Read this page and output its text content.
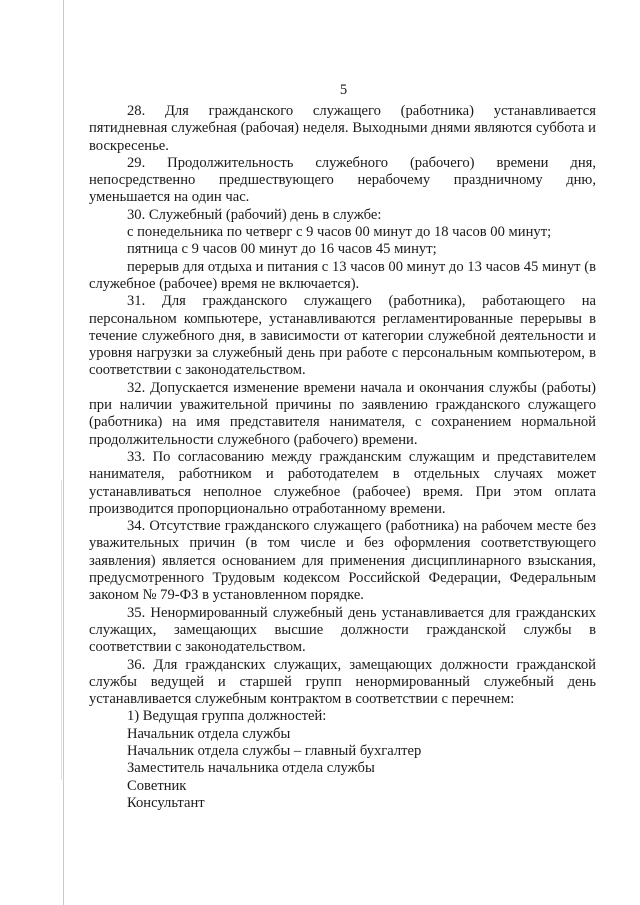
5

28. Для гражданского служащего (работника) устанавливается пятидневная служебная (рабочая) неделя. Выходными днями являются суббота и воскресенье.

29. Продолжительность служебного (рабочего) времени дня, непосредственно предшествующего нерабочему праздничному дню, уменьшается на один час.

30. Служебный (рабочий) день в службе:

с понедельника по четверг с 9 часов 00 минут до 18 часов 00 минут;

пятница с 9 часов 00 минут до 16 часов 45 минут;

перерыв для отдыха и питания с 13 часов 00 минут до 13 часов 45 минут (в служебное (рабочее) время не включается).

31. Для гражданского служащего (работника), работающего на персональном компьютере, устанавливаются регламентированные перерывы в течение служебного дня, в зависимости от категории служебной деятельности и уровня нагрузки за служебный день при работе с персональным компьютером, в соответствии с законодательством.

32. Допускается изменение времени начала и окончания службы (работы) при наличии уважительной причины по заявлению гражданского служащего (работника) на имя представителя нанимателя, с сохранением нормальной продолжительности служебного (рабочего) времени.

33. По согласованию между гражданским служащим и представителем нанимателя, работником и работодателем в отдельных случаях может устанавливаться неполное служебное (рабочее) время. При этом оплата производится пропорционально отработанному времени.

34. Отсутствие гражданского служащего (работника) на рабочем месте без уважительных причин (в том числе и без оформления соответствующего заявления) является основанием для применения дисциплинарного взыскания, предусмотренного Трудовым кодексом Российской Федерации, Федеральным законом № 79-ФЗ в установленном порядке.

35. Ненормированный служебный день устанавливается для гражданских служащих, замещающих высшие должности гражданской службы в соответствии с законодательством.

36. Для гражданских служащих, замещающих должности гражданской службы ведущей и старшей групп ненормированный служебный день устанавливается служебным контрактом в соответствии с перечнем:

1) Ведущая группа должностей:

Начальник отдела службы

Начальник отдела службы – главный бухгалтер

Заместитель начальника отдела службы

Советник

Консультант
